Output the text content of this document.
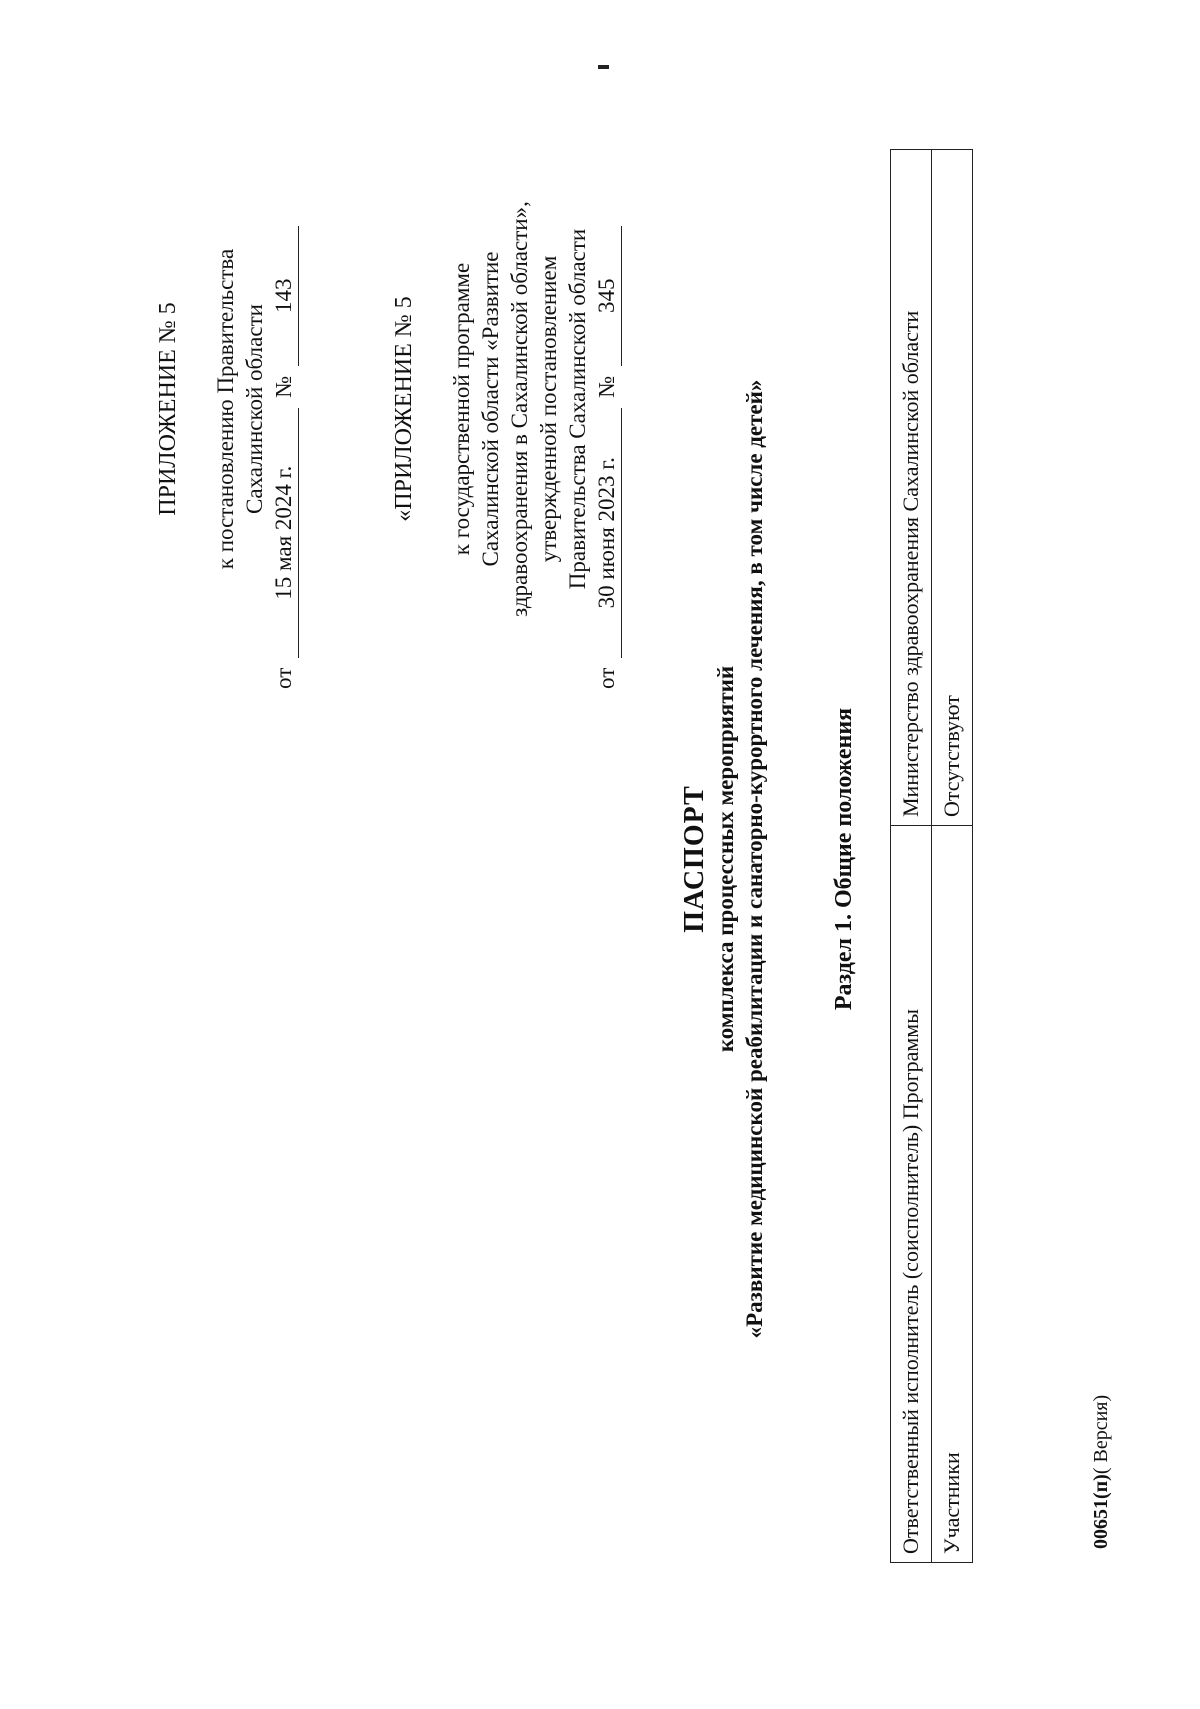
ПРИЛОЖЕНИЕ № 5 к постановлению Правительства Сахалинской области
от
15 мая 2024 г.
№
143
«ПРИЛОЖЕНИЕ № 5 к государственной программе Сахалинской области «Развитие здравоохранения в Сахалинской области», утвержденной постановлением Правительства Сахалинской области
от
30 июня 2023 г.
№
345
ПАСПОРТ комплекса процессных мероприятий «Развитие медицинской реабилитации и санаторно-курортного лечения, в том числе детей»	Раздел 1. Общие положения
Ответственный исполнитель (соисполнитель) Программы	Министерство здравоохранения Сахалинской области
Участники	Отсутствуют
00651(п)( Версия)
